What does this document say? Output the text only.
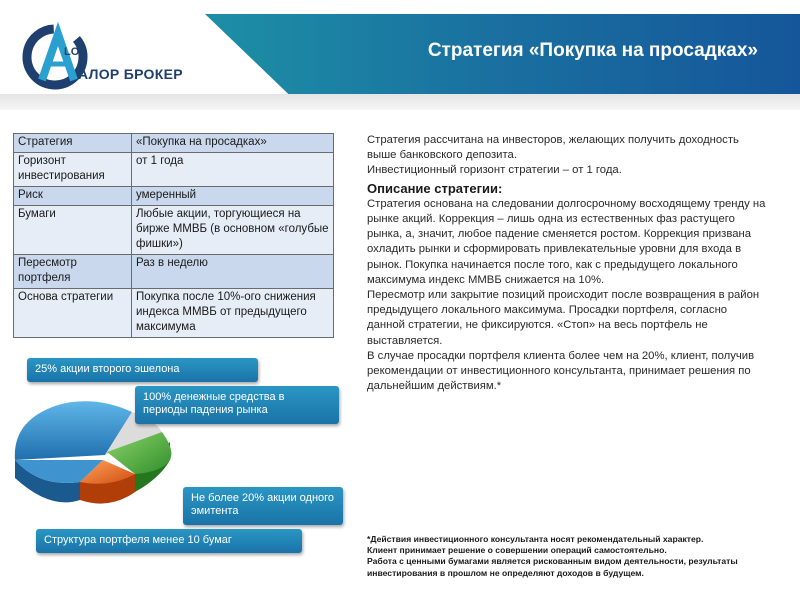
LOR
АЛОР БРОКЕР
Стратегия «Покупка на просадках»
Стратегия	«Покупка на просадках»
Горизонт инвестирования	от 1 года
Риск	умеренный
Бумаги	Любые акции, торгующиеся на бирже ММВБ (в основном «голубые фишки»)
Пересмотр портфеля	Раз в неделю
Основа стратегии	Покупка после 10%-ого снижения индекса ММВБ от предыдущего максимума

Стратегия рассчитана на инвесторов, желающих получить доходность выше банковского депозита.

Инвестиционный горизонт стратегии – от 1 года.

Описание стратегии:

Стратегия основана на следовании долгосрочному восходящему тренду на рынке акций. Коррекция – лишь одна из естественных фаз растущего рынка, а, значит, любое падение сменяется ростом. Коррекция призвана охладить рынки и сформировать привлекательные уровни для входа в рынок. Покупка начинается после того, как с предыдущего локального максимума индекс ММВБ снижается на 10%.

Пересмотр или закрытие позиций происходит после возвращения в район предыдущего локального максимума. Просадки портфеля, согласно данной стратегии, не фиксируются. «Стоп» на весь портфель не выставляется.

В случае просадки портфеля клиента более чем на 20%, клиент, получив рекомендации от инвестиционного консультанта, принимает решения по дальнейшим действиям.*

25% акции второго эшелона
100% денежные средства в периоды падения рынка
Не более 20% акции одного эмитента
Структура портфеля менее 10 бумаг	*Действия инвестиционного консультанта носят рекомендательный характер.

Клиент принимает решение о совершении операций самостоятельно.

Работа с ценными бумагами является рискованным видом деятельности, результаты инвестирования в прошлом не определяют доходов в будущем.
